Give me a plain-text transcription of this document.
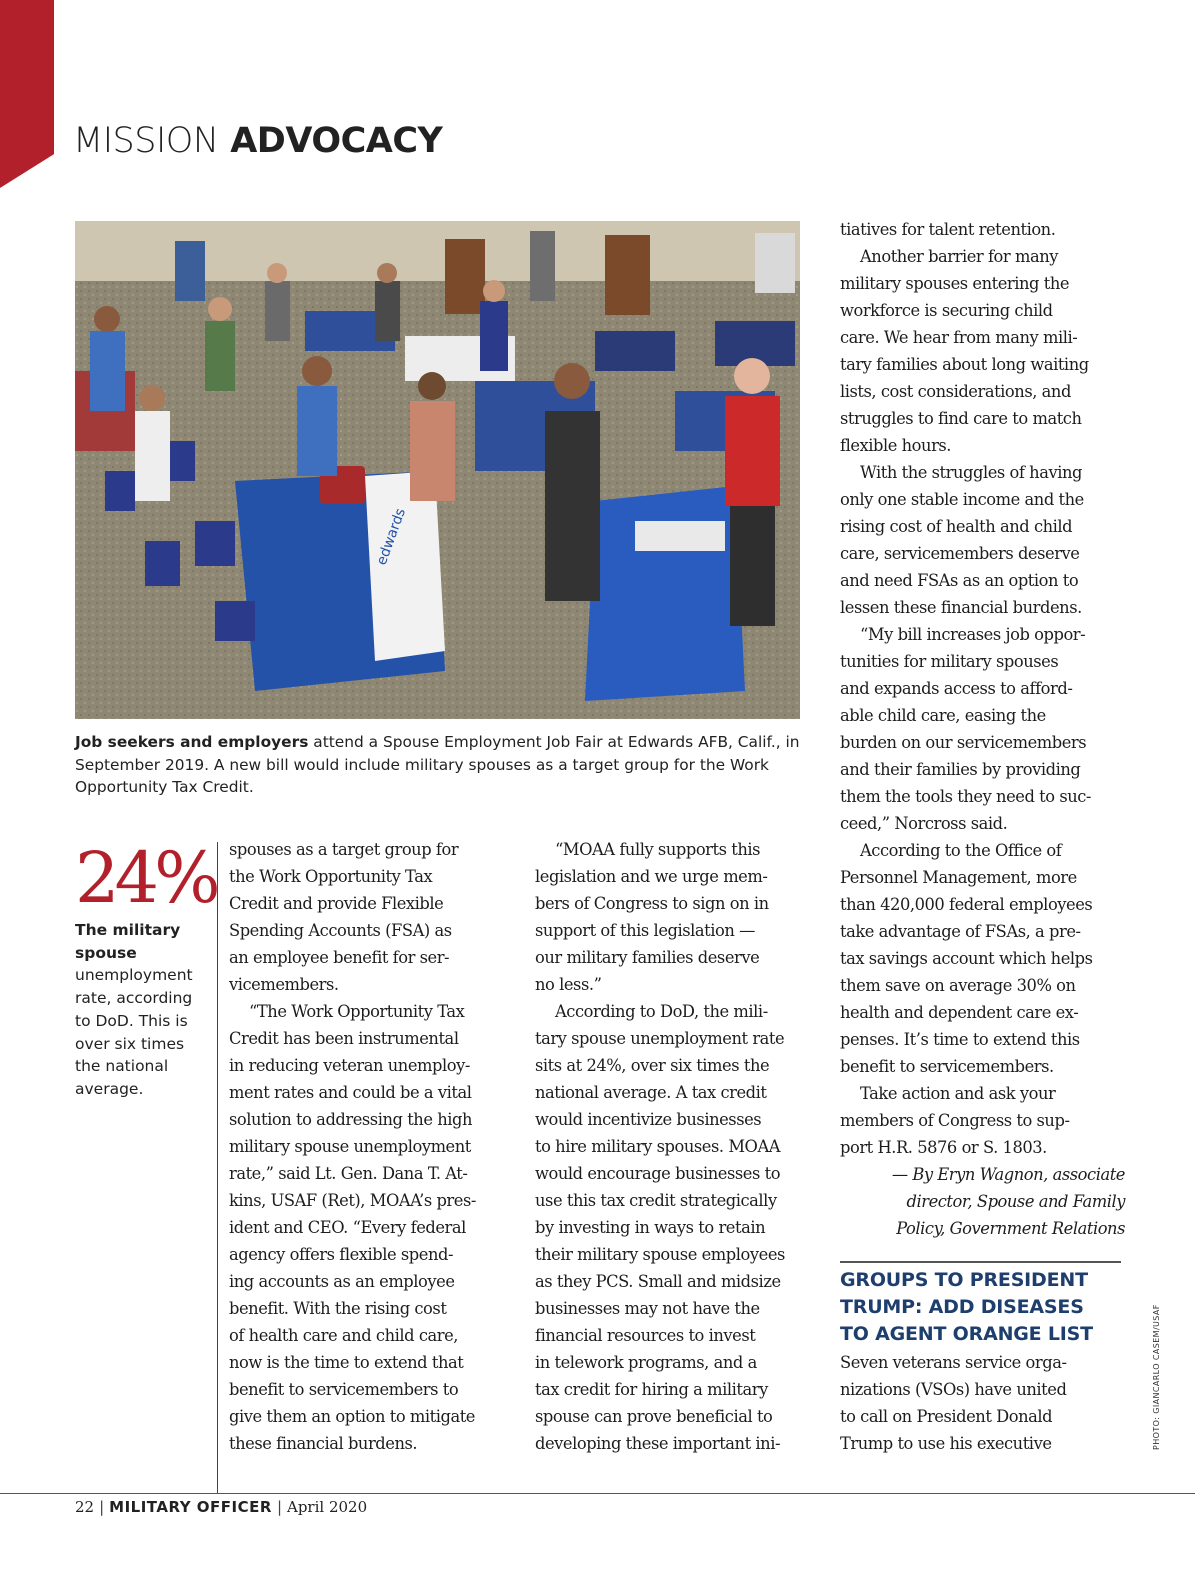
MISSION ADVOCACY
edwards

Job seekers and employers attend a Spouse Employment Job Fair at Edwards AFB, Calif., in September 2019. A new bill would include military spouses as a target group for the Work Opportunity Tax Credit.

24%

The military spouse unemployment rate, according to DoD. This is over six times the national average.

spouses as a target group for
the Work Opportunity Tax
Credit and provide Flexible
Spending Accounts (FSA) as
an employee benefit for ser-
vicemembers.
“The Work Opportunity Tax
Credit has been instrumental
in reducing veteran unemploy-
ment rates and could be a vital
solution to addressing the high
military spouse unemployment
rate,” said Lt. Gen. Dana T. At-
kins, USAF (Ret), MOAA’s pres-
ident and CEO. “Every federal
agency offers flexible spend-
ing accounts as an employee
benefit. With the rising cost
of health care and child care,
now is the time to extend that
benefit to servicemembers to
give them an option to mitigate
these financial burdens.
“MOAA fully supports this
legislation and we urge mem-
bers of Congress to sign on in
support of this legislation —
our military families deserve
no less.”
According to DoD, the mili-
tary spouse unemployment rate
sits at 24%, over six times the
national average. A tax credit
would incentivize businesses
to hire military spouses. MOAA
would encourage businesses to
use this tax credit strategically
by investing in ways to retain
their military spouse employees
as they PCS. Small and midsize
businesses may not have the
financial resources to invest
in telework programs, and a
tax credit for hiring a military
spouse can prove beneficial to
developing these important ini-
tiatives for talent retention.
Another barrier for many
military spouses entering the
workforce is securing child
care. We hear from many mili-
tary families about long waiting
lists, cost considerations, and
struggles to find care to match
flexible hours.
With the struggles of having
only one stable income and the
rising cost of health and child
care, servicemembers deserve
and need FSAs as an option to
lessen these financial burdens.
“My bill increases job oppor-
tunities for military spouses
and expands access to afford-
able child care, easing the
burden on our servicemembers
and their families by providing
them the tools they need to suc-
ceed,” Norcross said.
According to the Office of
Personnel Management, more
than 420,000 federal employees
take advantage of FSAs, a pre-
tax savings account which helps
them save on average 30% on
health and dependent care ex-
penses. It’s time to extend this
benefit to servicemembers.
Take action and ask your
members of Congress to sup-
port H.R. 5876 or S. 1803.
— By Eryn Wagnon, associate
director, Spouse and Family
Policy, Government Relations
GROUPS TO PRESIDENT
TRUMP: ADD DISEASES
TO AGENT ORANGE LIST
Seven veterans service orga-
nizations (VSOs) have united
to call on President Donald
Trump to use his executive	PHOTO: GIANCARLO CASEM/USAF

22 | MILITARY OFFICER | April 2020
